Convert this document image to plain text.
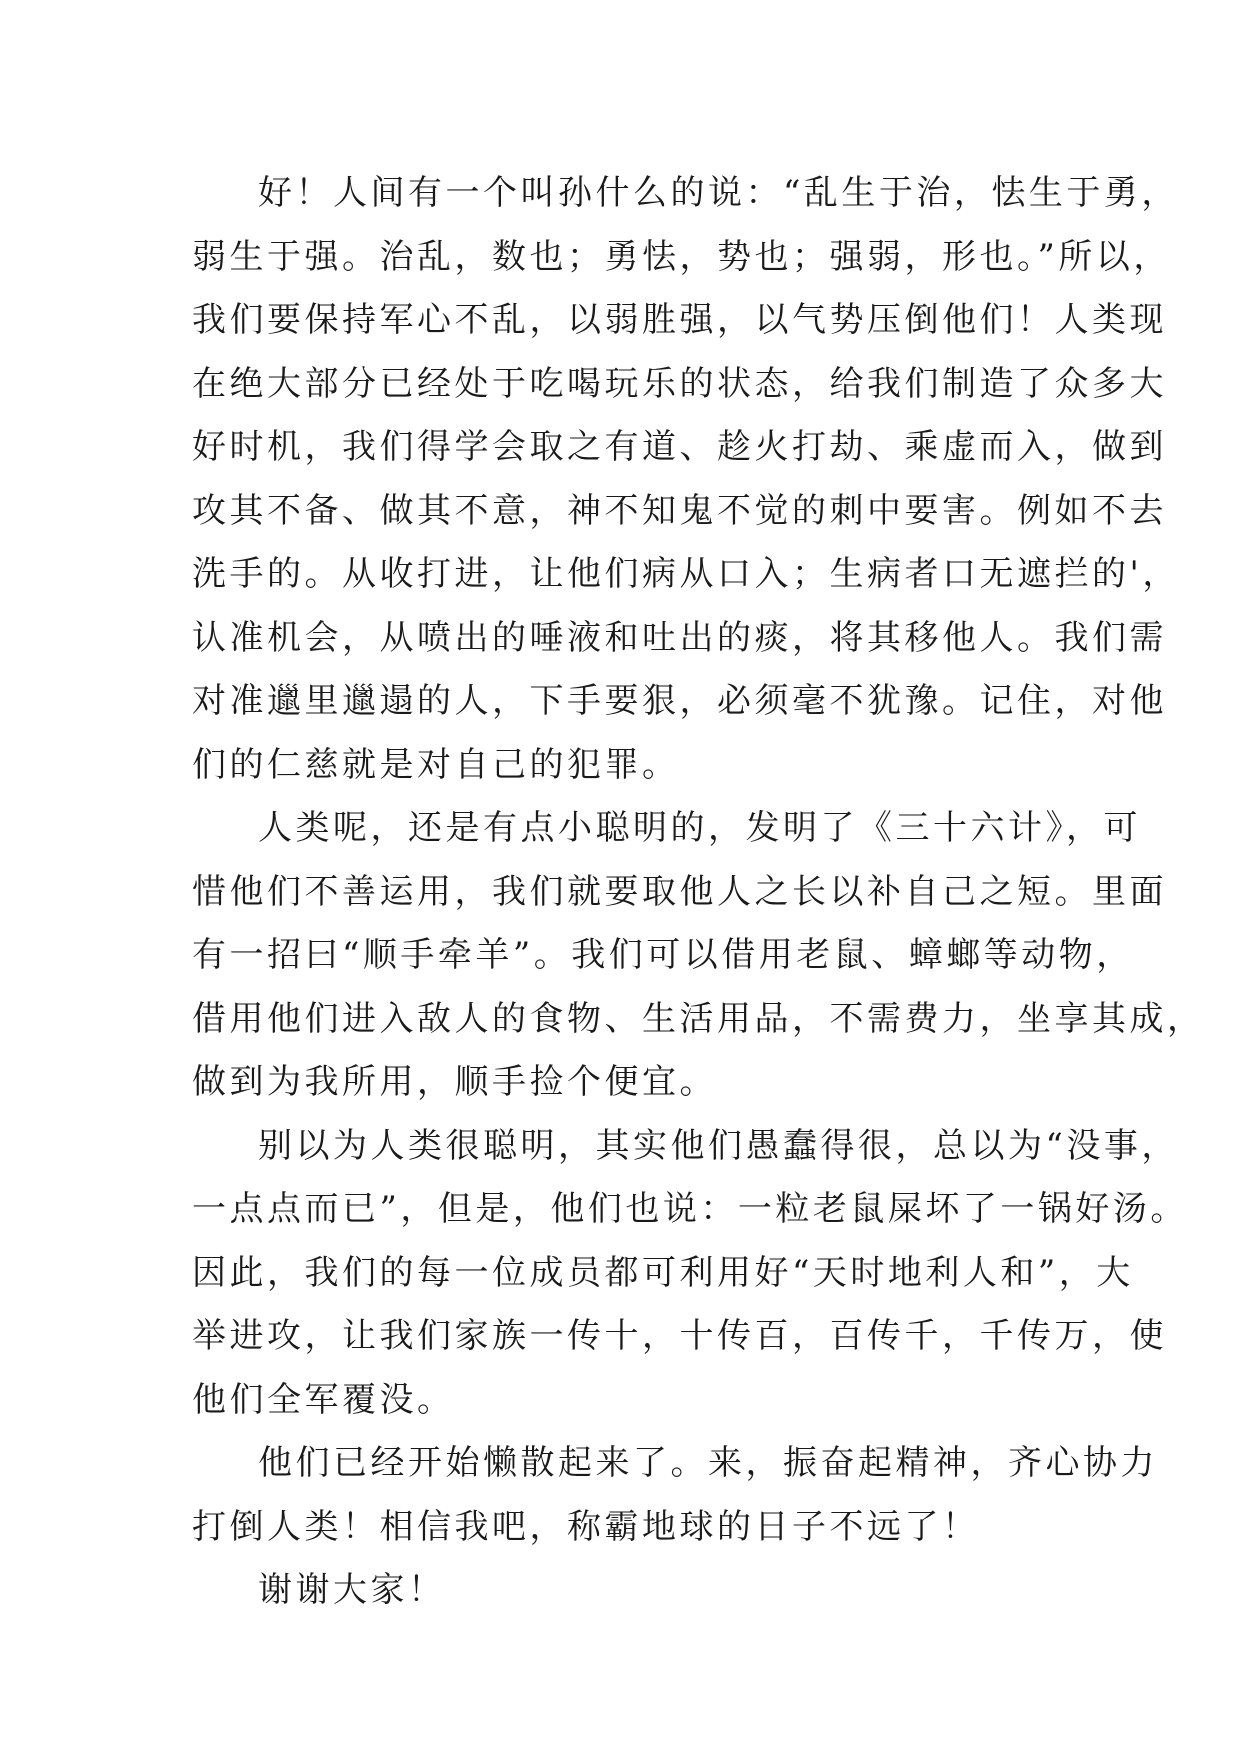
好！人间有一个叫孙什么的说：“乱生于治，怯生于勇，
弱生于强。治乱，数也；勇怯，势也；强弱，形也。”所以，
我们要保持军心不乱，以弱胜强，以气势压倒他们！人类现
在绝大部分已经处于吃喝玩乐的状态，给我们制造了众多大
好时机，我们得学会取之有道、趁火打劫、乘虚而入，做到
攻其不备、做其不意，神不知鬼不觉的刺中要害。例如不去
洗手的。从收打进，让他们病从口入；生病者口无遮拦的'，
认准机会，从喷出的唾液和吐出的痰，将其移他人。我们需
对准邋里邋遢的人，下手要狠，必须毫不犹豫。记住，对他
们的仁慈就是对自己的犯罪。
人类呢，还是有点小聪明的，发明了《三十六计》，可
惜他们不善运用，我们就要取他人之长以补自己之短。里面
有一招曰“顺手牵羊”。我们可以借用老鼠、蟑螂等动物，
借用他们进入敌人的食物、生活用品，不需费力，坐享其成，
做到为我所用，顺手捡个便宜。
别以为人类很聪明，其实他们愚蠢得很，总以为“没事，
一点点而已”，但是，他们也说：一粒老鼠屎坏了一锅好汤。
因此，我们的每一位成员都可利用好“天时地利人和”，大
举进攻，让我们家族一传十，十传百，百传千，千传万，使
他们全军覆没。
他们已经开始懒散起来了。来，振奋起精神，齐心协力
打倒人类！相信我吧，称霸地球的日子不远了！
谢谢大家！
